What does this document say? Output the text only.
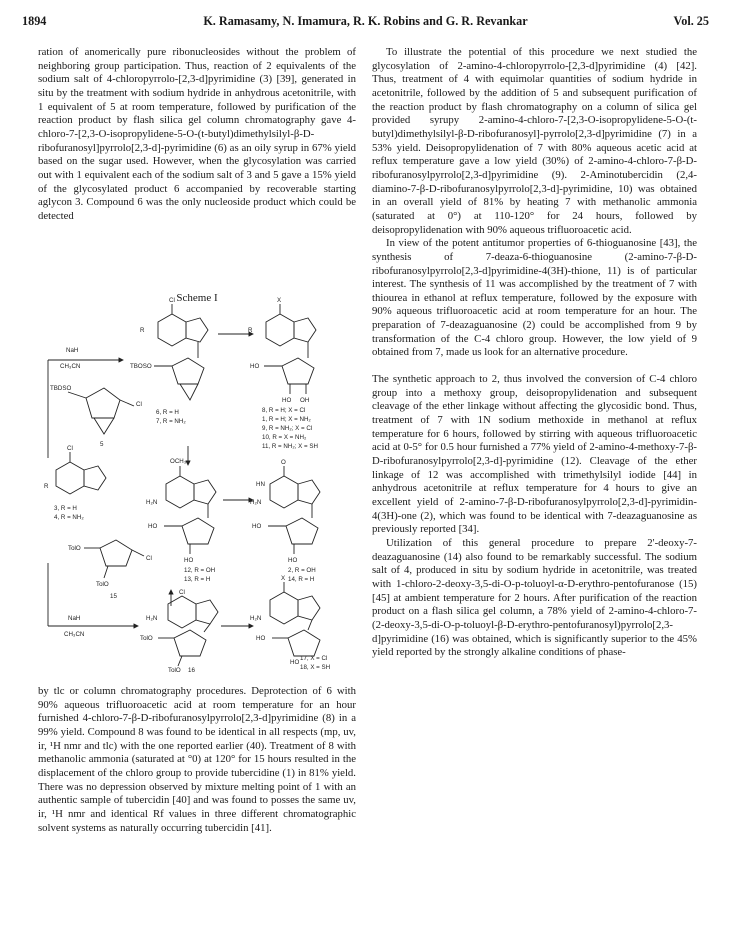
1894	K. Ramasamy, N. Imamura, R. K. Robins and G. R. Revankar	Vol. 25

ration of anomerically pure ribonucleosides without the problem of neighboring group participation. Thus, reaction of 2 equivalents of the sodium salt of 4-chloropyrrolo-[2,3-d]pyrimidine (3) [39], generated in situ by the treatment with sodium hydride in anhydrous acetonitrile, with 1 equivalent of 5 at room temperature, followed by purification of the reaction product by flash silica gel column chromatography gave 4-chloro-7-[2,3-O-isopropylidene-5-O-(t-butyl)dimethylsilyl-β-D-ribofuranosyl]pyrrolo[2,3-d]-pyrimidine (6) as an oily syrup in 67% yield based on the sugar used. However, when the glycosylation was carried out with 1 equivalent each of the sodium salt of 3 and 5 gave a 15% yield of the glycosylated product 6 accompanied by recoverable starting aglycon 3. Compound 6 was the only nucleoside product which could be detected

Scheme I
NaH
CH₃CN
TBDSO
Cl
5
Cl
R
TBOSO
6, R = H
7, R = NH₂
X
R
HO
HO OH
8, R = H; X = Cl
1, R = H; X = NH₂
9, R = NH₂; X = Cl
10, R = X = NH₂
11, R = NH₂; X = SH
Cl
R
3, R = H
4, R = NH₂
OCH₃
H₂N
HO
HO
12, R = OH
13, R = H
O
HN
H₂N
HO
HO
2, R = OH
14, R = H
TolO
Cl
TolO
15
NaH
CH₃CN
Cl
H₂N
TolO
TolO 16
X
H₂N
HO
HO
17, X = Cl
18, X = SH

by tlc or column chromatography procedures. Deprotection of 6 with 90% aqueous trifluoroacetic acid at room temperature for an hour furnished 4-chloro-7-β-D-ribofuranosylpyrrolo[2,3-d]pyrimidine (8) in a 99% yield. Compound 8 was found to be identical in all respects (mp, uv, ir, ¹H nmr and tlc) with the one reported earlier (40). Treatment of 8 with methanolic ammonia (saturated at °0) at 120° for 15 hours resulted in the displacement of the chloro group to provide tubercidine (1) in 81% yield. There was no depression observed by mixture melting point of 1 with an authentic sample of tubercidin [40] and was found to posses the same uv, ir, ¹H nmr and identical Rf values in three different chromatographic solvent systems as naturally occurring tubercidin [41].

To illustrate the potential of this procedure we next studied the glycosylation of 2-amino-4-chloropyrrolo-[2,3-d]pyrimidine (4) [42]. Thus, treatment of 4 with equimolar quantities of sodium hydride in acetonitrile, followed by the addition of 5 and subsequent purification of the reaction product by flash chromatography on a column of silica gel provided syrupy 2-amino-4-chloro-7-[2,3-O-isopropylidene-5-O-(t-butyl)dimethylsilyl-β-D-ribofuranosyl]-pyrrolo[2,3-d]pyrimidine (7) in a 53% yield. Deisopropylidenation of 7 with 80% aqueous acetic acid at reflux temperature gave a low yield (30%) of 2-amino-4-chloro-7-β-D-ribofuranosylpyrrolo[2,3-d]pyrimidine (9). 2-Aminotubercidin (2,4-diamino-7-β-D-ribofuranosylpyrrolo[2,3-d]-pyrimidine, 10) was obtained in an overall yield of 81% by heating 7 with methanolic ammonia (saturated at 0°) at 110-120° for 24 hours, followed by deisopropylidenation with 90% aqueous trifluoroacetic acid.

In view of the potent antitumor properties of 6-thioguanosine [43], the synthesis of 7-deaza-6-thioguanosine (2-amino-7-β-D-ribofuranosylpyrrolo[2,3-d]pyrimidine-4(3H)-thione, 11) is of particular interest. The synthesis of 11 was accomplished by the treatment of 7 with thiourea in ethanol at reflux temperature, followed by the exposure with 90% aqueous trifluoroacetic acid at room temperature for an hour. The preparation of 7-deazaguanosine (2) could be accomplished from 9 by transformation of the C-4 chloro group. However, the low yield of 9 obtained from 7, made us look for an alternative procedure.

The synthetic approach to 2, thus involved the conversion of C-4 chloro group into a methoxy group, deisopropylidenation and subsequent cleavage of the ether linkage without affecting the glycosidic bond. Thus, treatment of 7 with 1N sodium methoxide in methanol at reflux temperature for 6 hours, followed by stirring with aqueous trifluoroacetic acid at 0-5° for 0.5 hour furnished a 77% yield of 2-amino-4-methoxy-7-β-D-ribofuranosylpyrrolo[2,3-d]-pyrimidine (12). Cleavage of the ether linkage of 12 was accomplished with trimethylsilyl iodide [44] in anhydrous acetonitrile at reflux temperature for 4 hours to give an excellent yield of 2-amino-7-β-D-ribofuranosylpyrrolo[2,3-d]-pyrimidin-4(3H)-one (2), which was found to be identical with 7-deazaguanosine as previously reported [34].

Utilization of this general procedure to prepare 2'-deoxy-7-deazaguanosine (14) also found to be remarkably successful. The sodium salt of 4, produced in situ by sodium hydride in acetonitrile, was treated with 1-chloro-2-deoxy-3,5-di-O-p-toluoyl-α-D-erythro-pentofuranose (15) [45] at ambient temperature for 2 hours. After purification of the reaction product on a flash silica gel column, a 78% yield of 2-amino-4-chloro-7-(2-deoxy-3,5-di-O-p-toluoyl-β-D-erythro-pentofuranosyl)pyrrolo[2,3-d]pyrimidine (16) was obtained, which is significantly superior to the 45% yield reported by the strongly alkaline conditions of phase-
